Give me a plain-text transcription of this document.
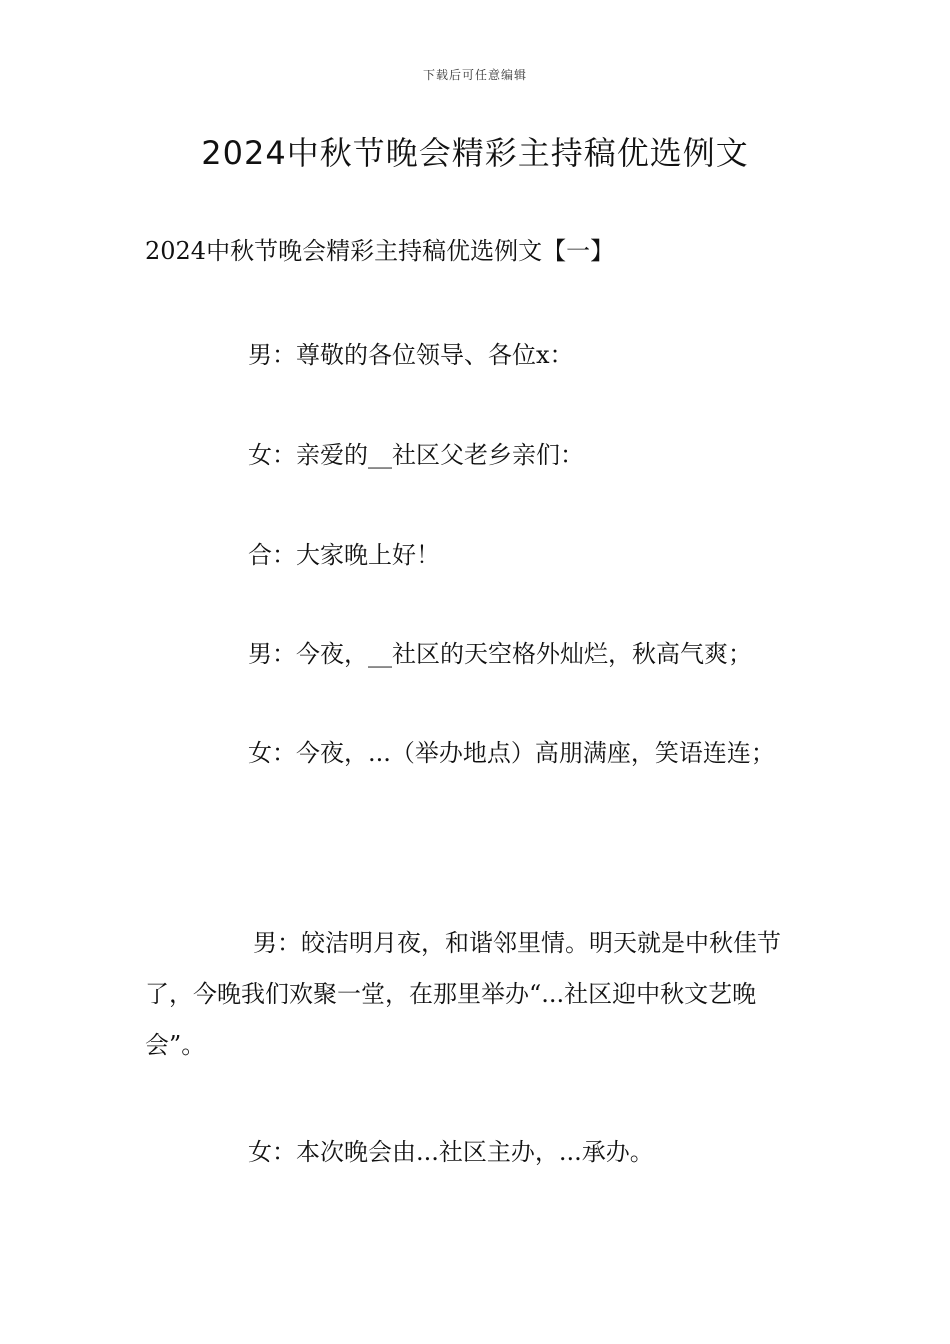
下载后可任意编辑
2024中秋节晚会精彩主持稿优选例文
2024中秋节晚会精彩主持稿优选例文【一】

男：尊敬的各位领导、各位x：

女：亲爱的__社区父老乡亲们：

合：大家晚上好！

男：今夜，__社区的天空格外灿烂，秋高气爽；

女：今夜，...（举办地点）高朋满座，笑语连连；

男：皎洁明月夜，和谐邻里情。明天就是中秋佳节了，今晚我们欢聚一堂，在那里举办“...社区迎中秋文艺晚会”。

女：本次晚会由...社区主办，...承办。
